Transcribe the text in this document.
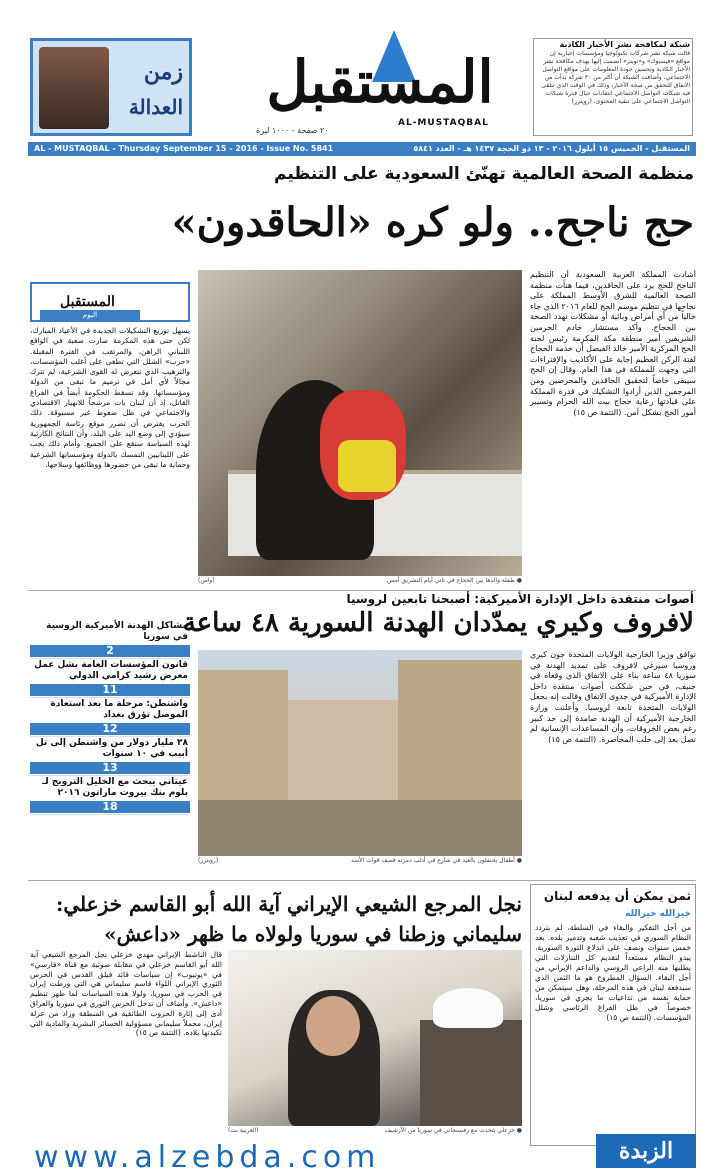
زمن
العدالة	المستقبل
AL-MUSTAQBAL
٢٠ صفحة - ١٠٠٠ ليرة
شبكة لمكافحة نشر الأخبار الكاذبة
قالت شبكة نشر شركات تكنولوجيا ومؤسسات إخبارية إن مواقع «فيسبوك» و«تويتر» انضمت إليها بهدف مكافحة نشر الأخبار الكاذبة وتحسين جودة المعلومات على مواقع التواصل الاجتماعي. وأضافت الشبكة أن أكثر من ٣٠ شركة بدأت من الاتفاق للتحقق من صحة الأخبار، وذلك في الوقت الذي تتلقى فيه شبكات التواصل الاجتماعي انتقادات حيال قدرة شبكات التواصل الاجتماعي على تنقية المحتوى. (رويترز)
AL - MUSTAQBAL - Thursday September 15 - 2016 - Issue No. 5841	المستقبل - الخميس ١٥ أيلول ٢٠١٦ - ١٣ ذو الحجة ١٤٣٧ هـ - العدد ٥٨٤١
منظمة الصحة العالمية تهنّئ السعودية على التنظيم
حج ناجح.. ولو كره «الحاقدون»
(واس)	● طفلة والدها بين الحجاج في ثاني أيام التشريق أمس
أشادت المملكة العربية السعودية أن التنظيم الناجح للحج يرد على الحاقدين، فيما هنأت منظمة الصحة العالمية للشرق الأوسط المملكة على نجاحها في تنظيم موسم الحج للعام ٢٠١٦ الذي جاء خالياً من أي أمراض وبائية أو مشكلات تهدد الصحة بين الحجاج. وأكد مستشار خادم الحرمين الشريفين أمير منطقة مكة المكرمة رئيس لجنة الحج المركزية الأمير خالد الفيصل أن خدمة الحجاج لفتة الركن العظيم إجابة على الأكاذيب والإفتراءات التي وجهت للمملكة في هذا العام. وقال إن الحج سيبقى خاصاً لتحقيق الحاقدين والمحرضين ومن المرجفين الذين أرادوا التشكيك في قدرة المملكة على قيادتها رعاية حجاج بيت الله الحرام وتسيير أمور الحج بشكل آمن. (التتمة ص ١٥)
المستقبل
اليوم
يسهل توزيع التشكيلات الجديدة في الأعياد المبارك، لكن حتى هذه المكرمة صارت صعبة في الواقع اللبناني الراهن، والمرتقب في الفترة المقبلة. «حرب» الشلل التي تطغى على أغلب المؤسسات، والترهيب الذي تتعرض له القوى الشرعية، لم تترك مجالاً لأي أمل في ترميم ما تبقى من الدولة ومؤسساتها. وقد تسقط الحكومة أيضاً في الفراغ القاتل، إذ أن لبنان بات مرشحاً للانهيار الاقتصادي والاجتماعي في ظل ضغوط غير مسبوقة. ذلك الحزب يفترض أن تضرر موقع رئاسة الجمهورية سيؤدي إلى وضع اليد على البلد، وأن النتائج الكارثية لهذه السياسة ستقع على الجميع. وأمام ذلك يجب على اللبنانيين التمسك بالدولة ومؤسساتها الشرعية وحماية ما تبقى من حضورها ووظائفها وسلاحها.
أصوات منتقدة داخل الإدارة الأميركية: أصبحنا تابعين لروسيا
لافروف وكيري يمدّدان الهدنة السورية ٤٨ ساعة
توافق وزيرا الخارجية الولايات المتحدة جون كيري وروسيا سيرغي لافروف على تمديد الهدنة في سوريا ٤٨ ساعة بناء على الاتفاق الذي وقعاه في جنيف، في حين شككت أصوات منتقدة داخل الإدارة الأميركية في جدوى الاتفاق وقالت إنه يجعل الولايات المتحدة تابعة لروسيا. وأعلنت وزارة الخارجية الأميركية أن الهدنة صامدة إلى حد كبير رغم بعض الخروقات، وأن المساعدات الإنسانية لم تصل بعد إلى حلب المحاصرة. (التتمة ص ١٥)
(رويترز)	● أطفال يحتفلون بالعيد في شارع في أدلب دمرته قصف قوات الأسد
مشاكل الهدنة الأميركية الروسية في سوريا
2
قانون المؤسسات العامة يشل عمل معرض رشيد كرامي الدولي
11
واشنطن: مرحلة ما بعد استعادة الموصل تؤرق بغداد
12
٣٨ مليار دولار من واشنطن إلى تل أبيب في ١٠ سنوات
13
عيتاني يبحث مع الخليل الترويج لـ بلوم بنك بيروت ماراتون ٢٠١٦
18
نجل المرجع الشيعي الإيراني آية الله أبو القاسم خزعلي:
سليماني وزطنا في سوريا ولولاه ما ظهر «داعش»
(العربية نت)	● خزعلي يتحدث مع رفسنجاني في سوريا من الأرشيف
قال الناشط الإيراني مهدي خزعلي نجل المرجع الشيعي آية الله أبو القاسم خزعلي في مقابلة صوتية مع قناة «فارسي» في «يوتيوب» إن سياسات قائد فيلق القدس في الحرس الثوري الإيراني اللواء قاسم سليماني هي التي ورطت إيران في الحرب في سوريا، ولولا هذه السياسات لما ظهر تنظيم «داعش». وأضاف أن تدخل الحرس الثوري في سوريا والعراق أدى إلى إثارة الحروب الطائفية في المنطقة وزاد من عزلة إيران، محملاً سليماني مسؤولية الخسائر البشرية والمادية التي تكبدتها بلاده. (التتمة ص ١٥)
ثمن يمكن أن يدفعه لبنان
خيرالله خيرالله
من أجل التفكير والبقاء في السلطة، لم يتردد النظام السوري في تعذيب شعبه وتدمير بلده. بعد خمس سنوات ونصف على اندلاع الثورة السورية، يبدو النظام مستعداً لتقديم كل التنازلات التي يطلبها منه الراعي الروسي والداعم الإيراني من أجل البقاء. السؤال المطروح هو ما الثمن الذي سيدفعه لبنان في هذه المرحلة، وهل سيتمكن من حماية نفسه من تداعيات ما يجري في سوريا، خصوصاً في ظل الفراغ الرئاسي وشلل المؤسسات. (التتمة ص ١٥)
www.alzebda.com	الزبدة
